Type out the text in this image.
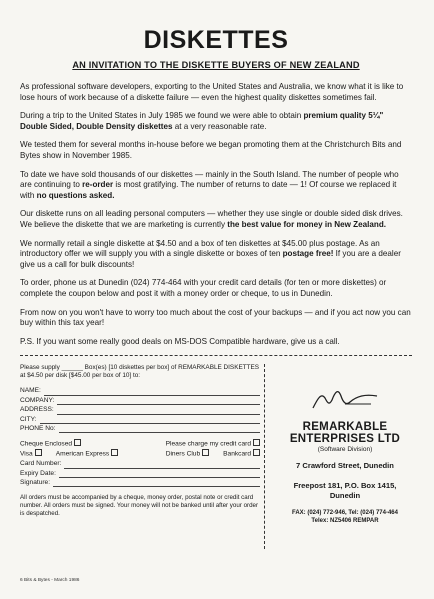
DISKETTES
AN INVITATION TO THE DISKETTE BUYERS OF NEW ZEALAND

As professional software developers, exporting to the United States and Australia, we know what it is like to lose hours of work because of a diskette failure — even the highest quality diskettes sometimes fail.

During a trip to the United States in July 1985 we found we were able to obtain premium quality 5¼" Double Sided, Double Density diskettes at a very reasonable rate.

We tested them for several months in-house before we began promoting them at the Christchurch Bits and Bytes show in November 1985.

To date we have sold thousands of our diskettes — mainly in the South Island. The number of people who are continuing to re-order is most gratifying. The number of returns to date — 1! Of course we replaced it with no questions asked.

Our diskette runs on all leading personal computers — whether they use single or double sided disk drives. We believe the diskette that we are marketing is currently the best value for money in New Zealand.

We normally retail a single diskette at $4.50 and a box of ten diskettes at $45.00 plus postage. As an introductory offer we will supply you with a single diskette or boxes of ten postage free! If you are a dealer give us a call for bulk discounts!

To order, phone us at Dunedin (024) 774-464 with your credit card details (for ten or more diskettes) or complete the coupon below and post it with a money order or cheque, to us in Dunedin.

From now on you won't have to worry too much about the cost of your backups — and if you act now you can buy within this tax year!

P.S. If you want some really good deals on MS-DOS Compatible hardware, give us a call.

Please supply ______ Box(es) [10 diskettes per box] of REMARKABLE DISKETTES at $4.50 per disk [$45.00 per box of 10] to:
NAME:
COMPANY:
ADDRESS:
CITY:
PHONE No:
Cheque Enclosed	Please charge my credit card
Visa	American Express	Diners Club	Bankcard
Card Number:
Expiry Date:
Signature:
All orders must be accompanied by a cheque, money order, postal note or credit card number. All orders must be signed. Your money will not be banked until after your order is despatched.
REMARKABLE
ENTERPRISES LTD
(Software Division)
7 Crawford Street, Dunedin
Freepost 181, P.O. Box 1415,
Dunedin
FAX: (024) 772-946, Tel: (024) 774-464
Telex: NZ5406 REMPAR
6 Bits & Bytes - March 1986
